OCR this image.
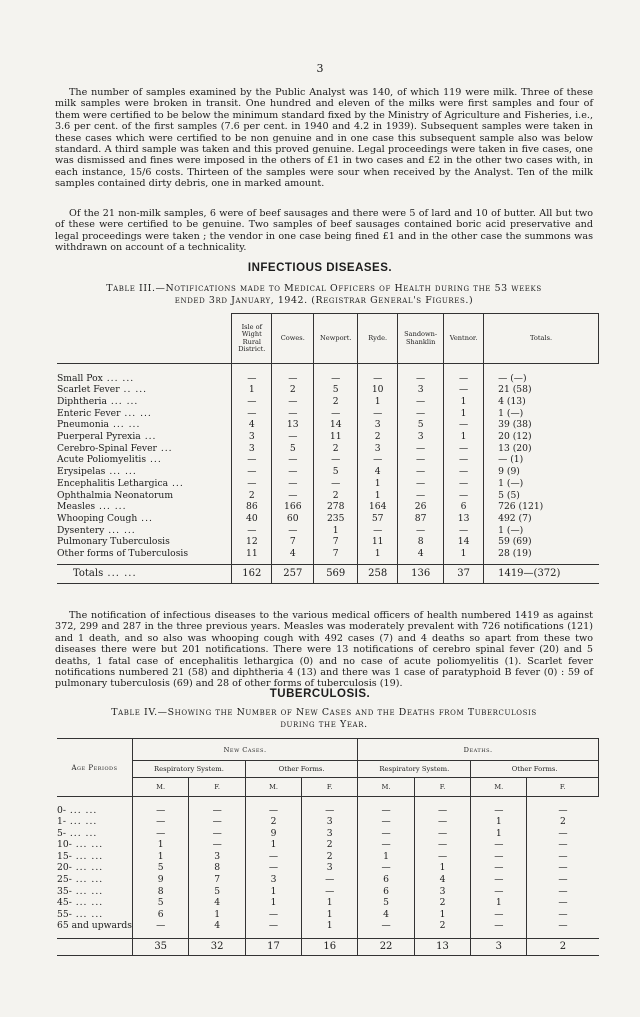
3

The number of samples examined by the Public Analyst was 140, of which 119 were milk. Three of these milk samples were broken in transit. One hundred and eleven of the milks were first samples and four of them were certified to be below the minimum standard fixed by the Ministry of Agriculture and Fisheries, i.e., 3.6 per cent. of the first samples (7.6 per cent. in 1940 and 4.2 in 1939). Subsequent samples were taken in these cases which were certified to be non genuine and in one case this subsequent sample also was below standard. A third sample was taken and this proved genuine. Legal proceedings were taken in five cases, one was dismissed and fines were imposed in the others of £1 in two cases and £2 in the other two cases with, in each instance, 15/6 costs. Thirteen of the samples were sour when received by the Analyst. Ten of the milk samples contained dirty debris, one in marked amount.

Of the 21 non-milk samples, 6 were of beef sausages and there were 5 of lard and 10 of butter. All but two of these were certified to be genuine. Two samples of beef sausages contained boric acid preservative and legal proceedings were taken ; the vendor in one case being fined £1 and in the other case the summons was withdrawn on account of a technicality.

INFECTIOUS DISEASES.
Table III.—Notifications made to Medical Officers of Health during the 53 weeks
ended 3rd January, 1942. (Registrar General's Figures.)
	Isle of Wight Rural District.	Cowes.	Newport.	Ryde.	Sandown-Shanklin	Ventnor.	Totals.

Small Pox ... ...	—	—	—	—	—	—	— (—)
Scarlet Fever .. ...	1	2	5	10	3	—	21 (58)
Diphtheria ... ...	—	—	2	1	—	1	4 (13)
Enteric Fever ... ...	—	—	—	—	—	1	1 (—)
Pneumonia ... ...	4	13	14	3	5	—	39 (38)
Puerperal Pyrexia ...	3	—	11	2	3	1	20 (12)
Cerebro-Spinal Fever ...	3	5	2	3	—	—	13 (20)
Acute Poliomyelitis ...	—	—	—	—	—	—	— (1)
Erysipelas ... ...	—	—	5	4	—	—	9 (9)
Encephalitis Lethargica ...	—	—	—	1	—	—	1 (—)
Ophthalmia Neonatorum	2	—	2	1	—	—	5 (5)
Measles ... ...	86	166	278	164	26	6	726 (121)
Whooping Cough ...	40	60	235	57	87	13	492 (7)
Dysentery ... ...	—	—	1	—	—	—	1 (—)
Pulmonary Tuberculosis	12	7	7	11	8	14	59 (69)
Other forms of Tuberculosis	11	4	7	1	4	1	28 (19)

Totals ... ...	162	257	569	258	136	37	1419—(372)

The notification of infectious diseases to the various medical officers of health numbered 1419 as against 372, 299 and 287 in the three previous years. Measles was moderately prevalent with 726 notifications (121) and 1 death, and so also was whooping cough with 492 cases (7) and 4 deaths so apart from these two diseases there were but 201 notifications. There were 13 notifications of cerebro spinal fever (20) and 5 deaths, 1 fatal case of encephalitis lethargica (0) and no case of acute poliomyelitis (1). Scarlet fever notifications numbered 21 (58) and diphtheria 4 (13) and there was 1 case of paratyphoid B fever (0) : 59 of pulmonary tuberculosis (69) and 28 of other forms of tuberculosis (19).

TUBERCULOSIS.
Table IV.—Showing the Number of New Cases and the Deaths from Tuberculosis
during the Year.
Age Periods	New Cases.				Deaths.			
	Respiratory System.		Other Forms.		Respiratory System.		Other Forms.	
	M.	F.	M.	F.	M.	F.	M.	F.

0- ... ...	—	—	—	—	—	—	—	—
1- ... ...	—	—	2	3	—	—	1	2
5- ... ...	—	—	9	3	—	—	1	—
10- ... ...	1	—	1	2	—	—	—	—
15- ... ...	1	3	—	2	1	—	—	—
20- ... ...	5	8	—	3	—	1	—	—
25- ... ...	9	7	3	—	6	4	—	—
35- ... ...	8	5	1	—	6	3	—	—
45- ... ...	5	4	1	1	5	2	1	—
55- ... ...	6	1	—	1	4	1	—	—
65 and upwards	—	4	—	1	—	2	—	—

	35	32	17	16	22	13	3	2
